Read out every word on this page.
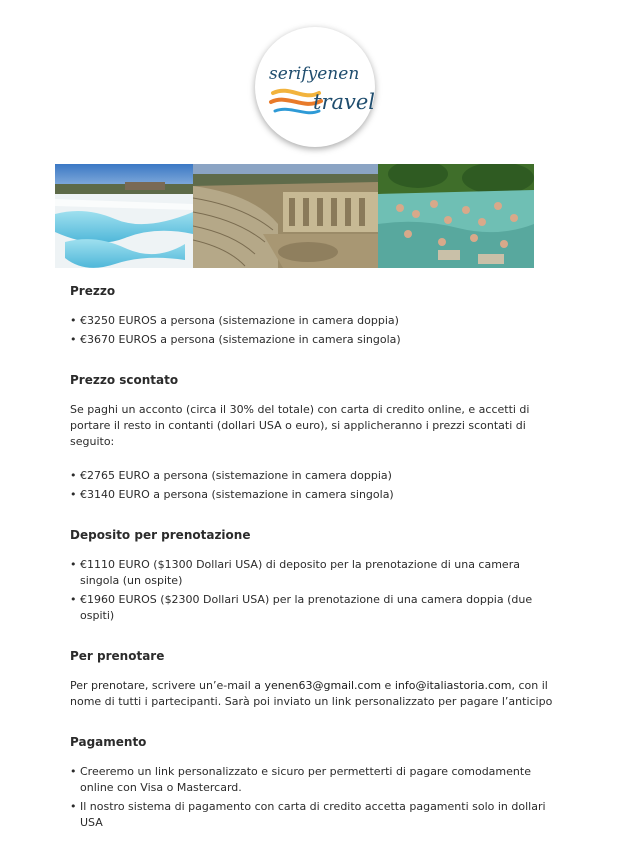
serifyenen
travel
Prezzo
• €3250 EUROS a persona (sistemazione in camera doppia)
• €3670 EUROS a persona (sistemazione in camera singola)
Prezzo scontato

Se paghi un acconto (circa il 30% del totale) con carta di credito online, e accetti di portare il resto in contanti (dollari USA o euro), si applicheranno i prezzi scontati di seguito:

• €2765 EURO a persona (sistemazione in camera doppia)
• €3140 EURO a persona (sistemazione in camera singola)
Deposito per prenotazione
• €1110 EURO ($1300 Dollari USA) di deposito per la prenotazione di una camera singola (un ospite)
• €1960 EUROS ($2300 Dollari USA) per la prenotazione di una camera doppia (due ospiti)
Per prenotare

Per prenotare, scrivere un’e-mail a yenen63@gmail.com e info@italiastoria.com, con il nome di tutti i partecipanti. Sarà poi inviato un link personalizzato per pagare l’anticipo

Pagamento
• Creeremo un link personalizzato e sicuro per permetterti di pagare comodamente online con Visa o Mastercard.
• Il nostro sistema di pagamento con carta di credito accetta pagamenti solo in dollari USA
